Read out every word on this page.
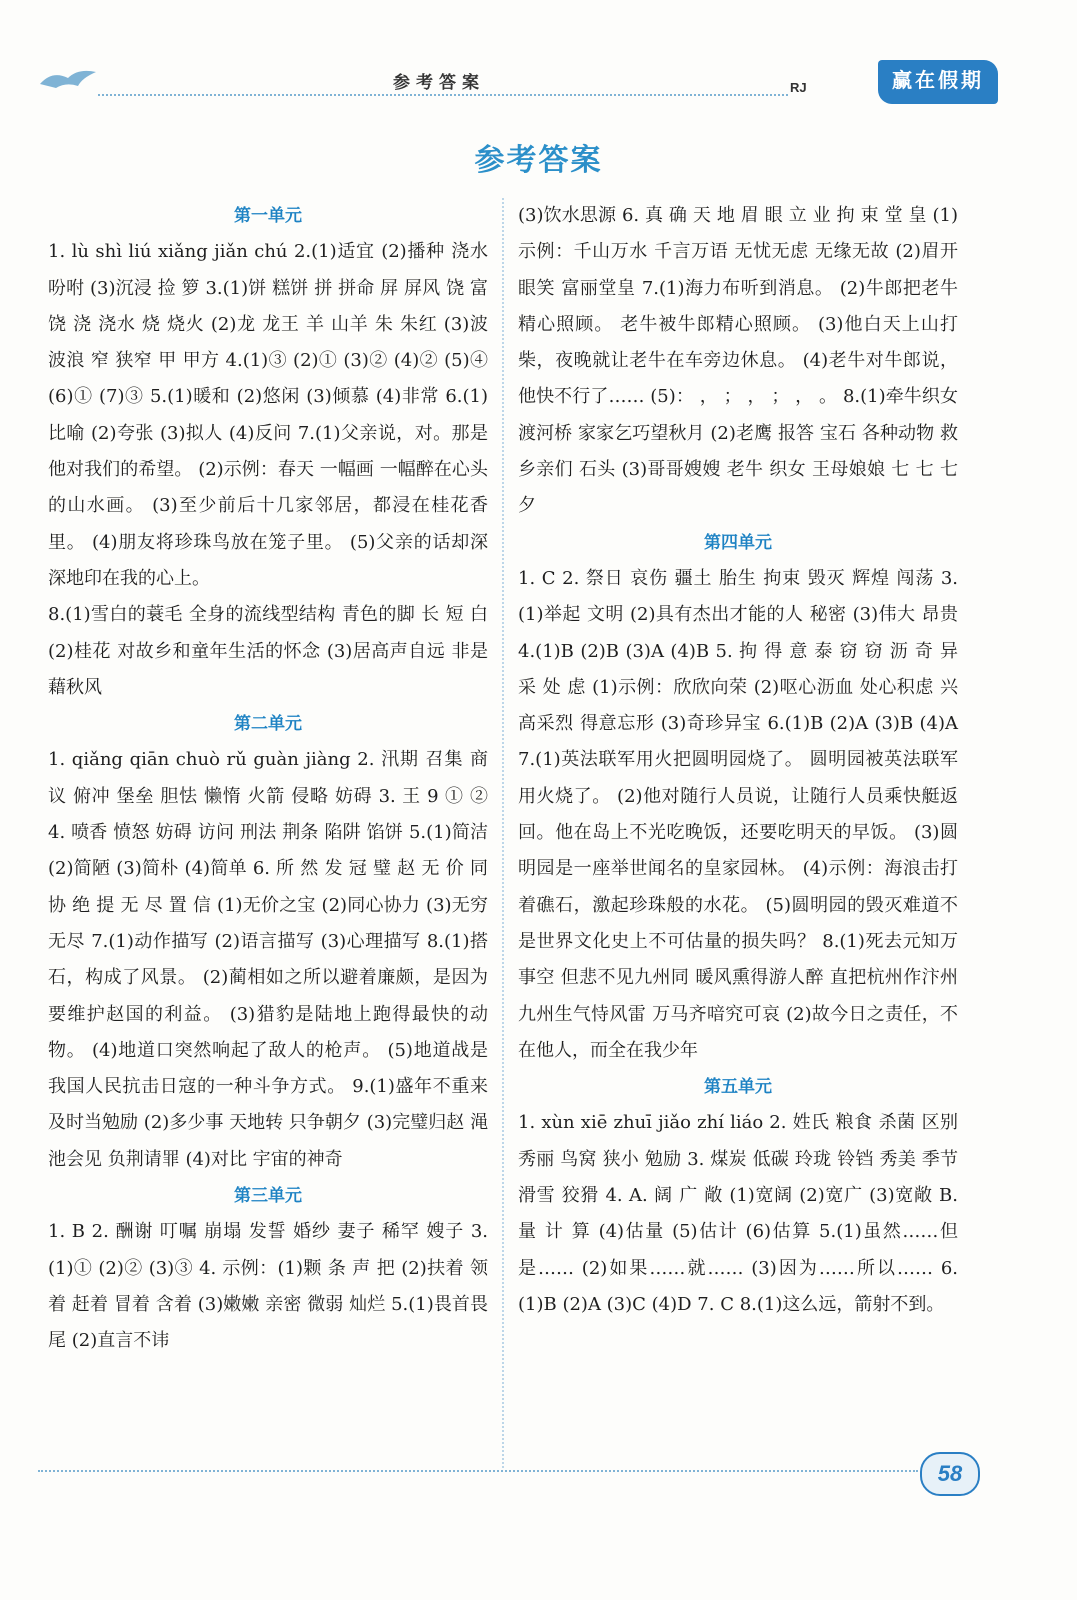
参考答案	RJ	赢在假期
参考答案
第一单元

1. lù shì liú xiǎng jiǎn chú 2.(1)适宜 (2)播种 浇水 吩咐 (3)沉浸 捡 箩 3.(1)饼 糕饼 拼 拼命 屏 屏风 饶 富饶 浇 浇水 烧 烧火 (2)龙 龙王 羊 山羊 朱 朱红 (3)波 波浪 窄 狭窄 甲 甲方 4.(1)③ (2)① (3)② (4)② (5)④ (6)① (7)③ 5.(1)暖和 (2)悠闲 (3)倾慕 (4)非常 6.(1)比喻 (2)夸张 (3)拟人 (4)反问 7.(1)父亲说，对。那是他对我们的希望。 (2)示例：春天 一幅画 一幅醉在心头的山水画。 (3)至少前后十几家邻居，都浸在桂花香里。 (4)朋友将珍珠鸟放在笼子里。 (5)父亲的话却深深地印在我的心上。

8.(1)雪白的蓑毛 全身的流线型结构 青色的脚 长 短 白 (2)桂花 对故乡和童年生活的怀念 (3)居高声自远 非是藉秋风

第二单元

1. qiǎng qiān chuò rǔ guàn jiàng 2. 汛期 召集 商议 俯冲 堡垒 胆怯 懒惰 火箭 侵略 妨碍 3. 王 9 ① ② 4. 喷香 愤怒 妨碍 访问 刑法 荆条 陷阱 馅饼 5.(1)简洁 (2)简陋 (3)简朴 (4)简单 6. 所 然 发 冠 璧 赵 无 价 同 协 绝 提 无 尽 置 信 (1)无价之宝 (2)同心协力 (3)无穷无尽 7.(1)动作描写 (2)语言描写 (3)心理描写 8.(1)搭石，构成了风景。 (2)蔺相如之所以避着廉颇，是因为要维护赵国的利益。 (3)猎豹是陆地上跑得最快的动物。 (4)地道口突然响起了敌人的枪声。 (5)地道战是我国人民抗击日寇的一种斗争方式。 9.(1)盛年不重来 及时当勉励 (2)多少事 天地转 只争朝夕 (3)完璧归赵 渑池会见 负荆请罪 (4)对比 宇宙的神奇

第三单元

1. B 2. 酬谢 叮嘱 崩塌 发誓 婚纱 妻子 稀罕 嫂子 3.(1)① (2)② (3)③ 4. 示例：(1)颗 条 声 把 (2)扶着 领着 赶着 冒着 含着 (3)嫩嫩 亲密 微弱 灿烂 5.(1)畏首畏尾 (2)直言不讳

(3)饮水思源 6. 真 确 天 地 眉 眼 立 业 拘 束 堂 皇 (1)示例：千山万水 千言万语 无忧无虑 无缘无故 (2)眉开眼笑 富丽堂皇 7.(1)海力布听到消息。 (2)牛郎把老牛精心照顾。 老牛被牛郎精心照顾。 (3)他白天上山打柴，夜晚就让老牛在车旁边休息。 (4)老牛对牛郎说，他快不行了…… (5)： ， ； ， ； ， 。 8.(1)牵牛织女渡河桥 家家乞巧望秋月 (2)老鹰 报答 宝石 各种动物 救乡亲们 石头 (3)哥哥嫂嫂 老牛 织女 王母娘娘 七 七 七夕

第四单元

1. C 2. 祭日 哀伤 疆土 胎生 拘束 毁灭 辉煌 闯荡 3.(1)举起 文明 (2)具有杰出才能的人 秘密 (3)伟大 昂贵 4.(1)B (2)B (3)A (4)B 5. 拘 得 意 泰 窃 窃 沥 奇 异 采 处 虑 (1)示例：欣欣向荣 (2)呕心沥血 处心积虑 兴高采烈 得意忘形 (3)奇珍异宝 6.(1)B (2)A (3)B (4)A 7.(1)英法联军用火把圆明园烧了。 圆明园被英法联军用火烧了。 (2)他对随行人员说，让随行人员乘快艇返回。他在岛上不光吃晚饭，还要吃明天的早饭。 (3)圆明园是一座举世闻名的皇家园林。 (4)示例：海浪击打着礁石，激起珍珠般的水花。 (5)圆明园的毁灭难道不是世界文化史上不可估量的损失吗？ 8.(1)死去元知万事空 但悲不见九州同 暖风熏得游人醉 直把杭州作汴州 九州生气恃风雷 万马齐喑究可哀 (2)故今日之责任，不在他人，而全在我少年

第五单元

1. xùn xiē zhuī jiǎo zhí liáo 2. 姓氏 粮食 杀菌 区别 秀丽 鸟窝 狭小 勉励 3. 煤炭 低碳 玲珑 铃铛 秀美 季节 滑雪 狡猾 4. A. 阔 广 敞 (1)宽阔 (2)宽广 (3)宽敞 B. 量 计 算 (4)估量 (5)估计 (6)估算 5.(1)虽然……但是…… (2)如果……就…… (3)因为……所以…… 6.(1)B (2)A (3)C (4)D 7. C 8.(1)这么远，箭射不到。

58
